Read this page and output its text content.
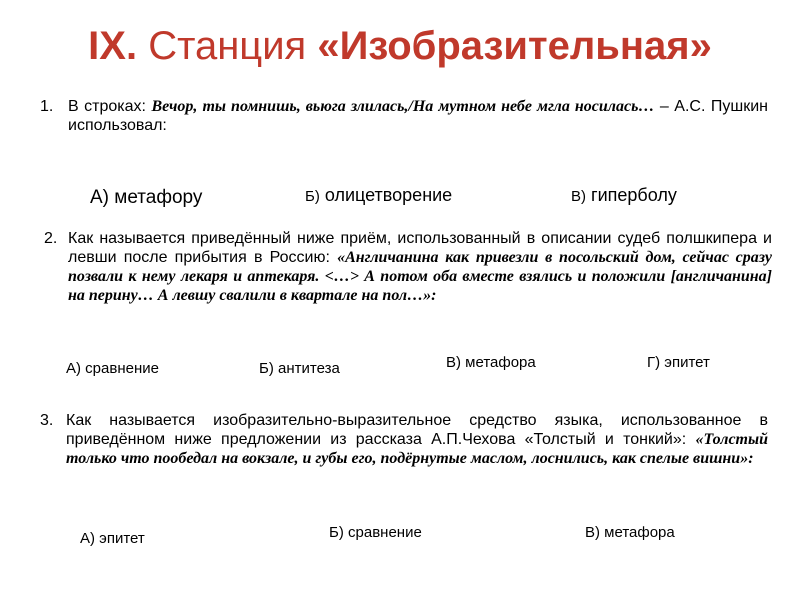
IX. Станция «Изобразительная»
1. В строках: Вечор, ты помнишь, вьюга злилась,/На мутном небе мгла носилась… – А.С. Пушкин использовал:
А) метафору	Б) олицетворение	В) гиперболу
2. Как называется приведённый ниже приём, использованный в описании судеб полшкипера и левши после прибытия в Россию: «Англичанина как привезли в посольский дом, сейчас сразу позвали к нему лекаря и аптекаря. <…> А потом оба вместе взялись и положили [англичанина] на перину… А левшу свалили в квартале на пол…»:
А) сравнение	Б) антитеза	В) метафора	Г) эпитет
3. Как называется изобразительно-выразительное средство языка, использованное в приведённом ниже предложении из рассказа А.П.Чехова «Толстый и тонкий»: «Толстый только что пообедал на вокзале, и губы его, подёрнутые маслом, лоснились, как спелые вишни»:
А) эпитет	Б) сравнение	В) метафора
